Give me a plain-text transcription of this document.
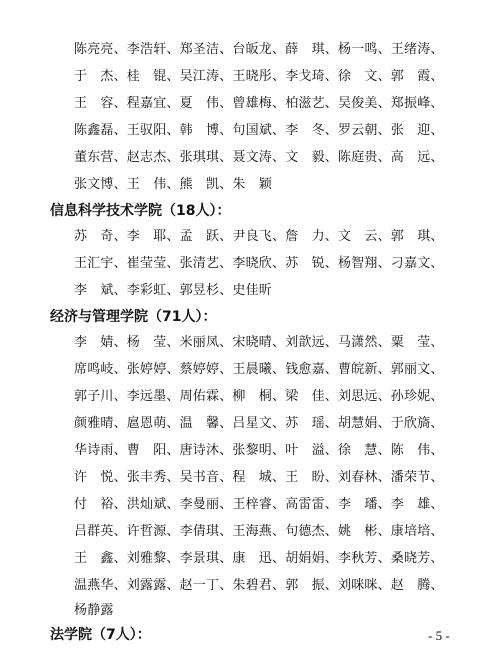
陈亮亮、李浩轩、郑圣洁、台皈龙、薛　琪、杨一鸣、王绪涛、
于　杰、桂　锟、吴江涛、王晓彤、李戈琦、徐　文、郭　霞、
王　容、程嘉宜、夏　伟、曾雄梅、柏滋艺、吴俊美、郑振峰、
陈鑫磊、王驭阳、韩　博、句国斌、李　冬、罗云朝、张　迎、
董东营、赵志杰、张琪琪、聂文涛、文　毅、陈庭贵、高　远、
张文博、王　伟、熊　凯、朱　颖
信息科学技术学院（18人）：
苏　奇、李　耶、孟　跃、尹良飞、詹　力、文　云、郭　琪、
王汇宇、崔莹莹、张清艺、李晓欣、苏　锐、杨智翔、刁嘉文、
李　斌、李彩虹、郭昱杉、史佳昕
经济与管理学院（71人）：
李　婧、杨　莹、米丽凤、宋晓晴、刘歆远、马潇然、粟　莹、
席鸣岐、张婷婷、蔡婷婷、王晨曦、钱愈嘉、曹皖新、郭丽文、
郭子川、李远墨、周佑霖、柳　桐、梁　佳、刘思远、孙珍妮、
颜雅晴、扈恩萌、温　馨、吕星文、苏　瑶、胡慧娟、于欣旖、
华诗雨、曹　阳、唐诗沐、张黎明、叶　溢、徐　慧、陈　伟、
许　悦、张丰秀、吴书音、程　城、王　盼、刘春林、潘荣节、
付　裕、洪灿斌、李曼丽、王梓睿、高雷雷、李　璠、李　雄、
吕群英、许哲源、李倩琪、王海燕、句德杰、姚　彬、康培培、
王　鑫、刘雅黎、李景琪、康　迅、胡娟娟、李秋芳、桑晓芳、
温燕华、刘露露、赵一丁、朱碧君、郭　振、刘咪咪、赵　腾、
杨静露
法学院（7人）：	- 5 -
